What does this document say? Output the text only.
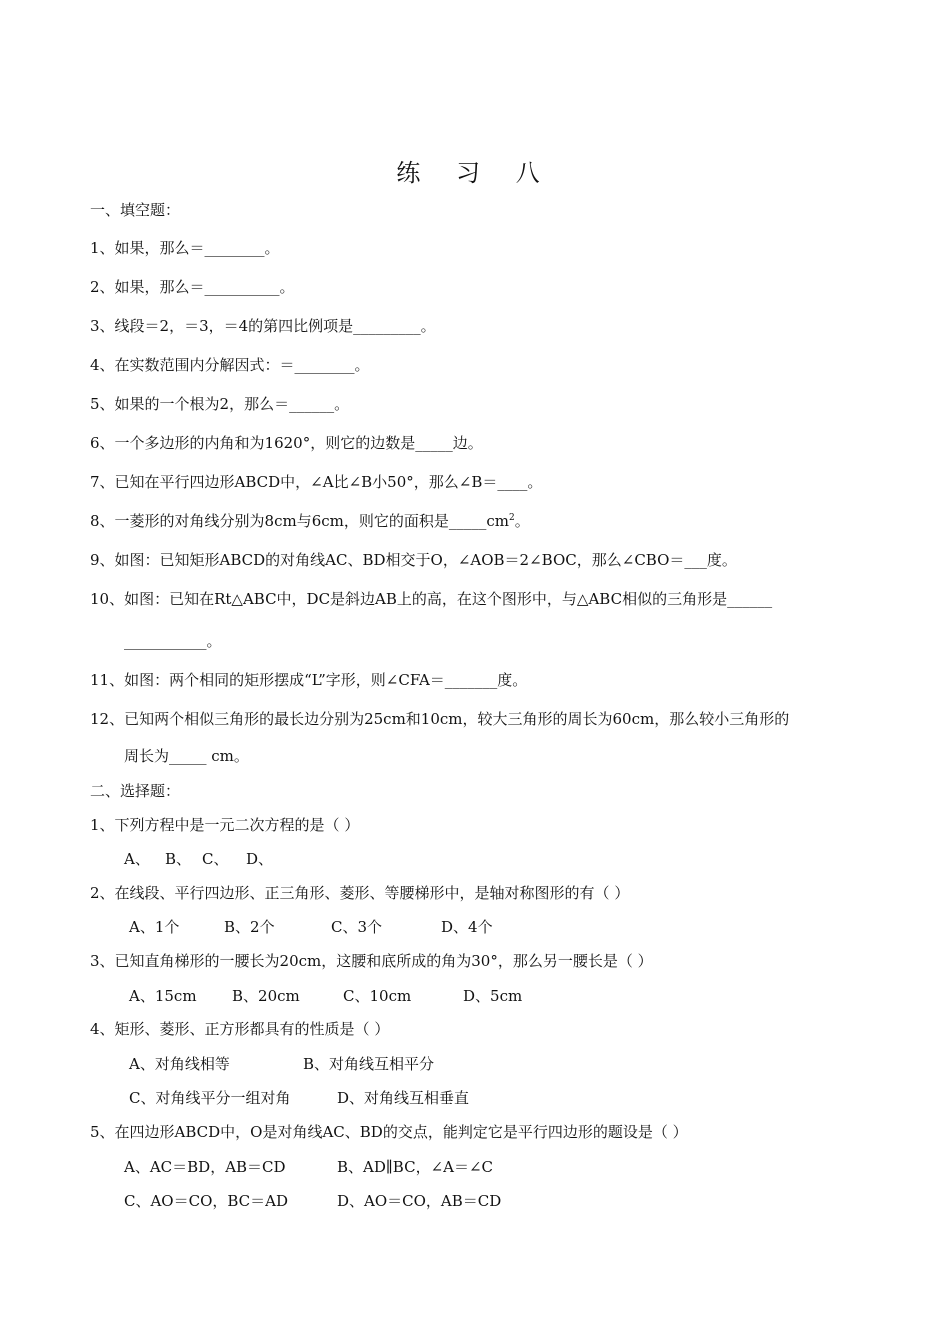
练 习 八
一、填空题：
1、如果，那么＝________。
2、如果，那么＝__________。
3、线段＝2，＝3，＝4的第四比例项是_________。
4、在实数范围内分解因式：＝________。
5、如果的一个根为2，那么＝______。
6、一个多边形的内角和为1620°，则它的边数是_____边。
7、已知在平行四边形ABCD中，∠A比∠B小50°，那么∠B＝____。
8、一菱形的对角线分别为8cm与6cm，则它的面积是$\_\_\_\_\_cm^2$。
9、如图：已知矩形ABCD的对角线AC、BD相交于O，∠AOB＝2∠BOC，那么∠CBO＝___度。
10、如图：已知在Rt△ABC中，DC是斜边AB上的高，在这个图形中，与△ABC相似的三角形是______
___________。
11、如图：两个相同的矩形摆成“L”字形，则∠CFA＝_______度。
12、已知两个相似三角形的最长边分别为25cm和10cm，较大三角形的周长为60cm，那么较小三角形的
周长为_____ cm。
二、选择题：
1、下列方程中是一元二次方程的是（ ）
A、 B、 C、 D、
2、在线段、平行四边形、正三角形、菱形、等腰梯形中，是轴对称图形的有（ ）
A、1个	B、2个	C、3个	D、4个
3、已知直角梯形的一腰长为20cm，这腰和底所成的角为30°，那么另一腰长是（ ）
A、15cm B、20cm	C、10cm	D、5cm
4、矩形、菱形、正方形都具有的性质是（ ）
A、对角线相等	B、对角线互相平分
C、对角线平分一组对角	D、对角线互相垂直
5、在四边形ABCD中，O是对角线AC、BD的交点，能判定它是平行四边形的题设是（ ）
A、AC＝BD，AB＝CD	B、AD∥BC，∠A＝∠C
C、AO＝CO，BC＝AD	D、AO＝CO，AB＝CD
